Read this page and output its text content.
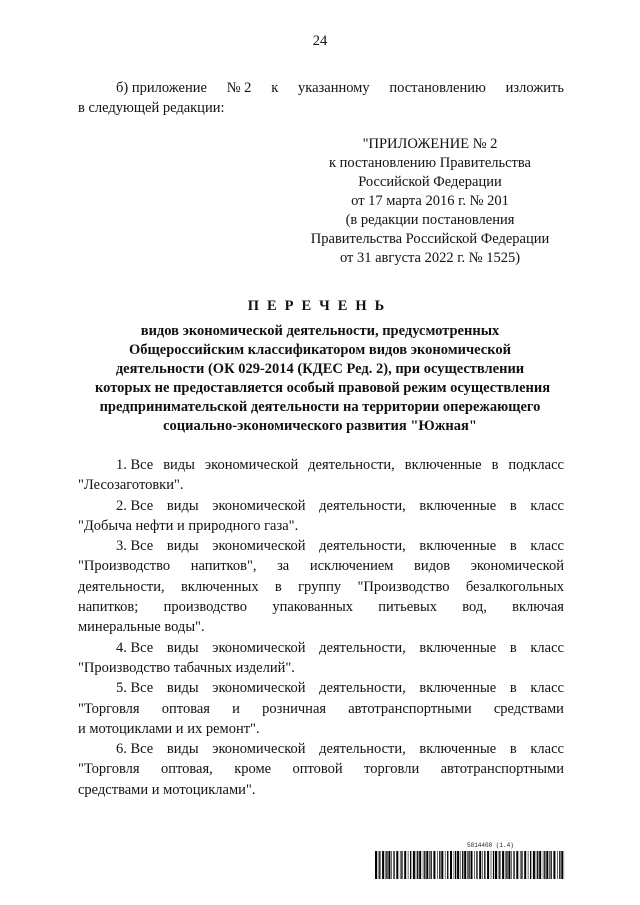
24
б) приложение № 2 к указанному постановлению изложить
в следующей редакции:
"ПРИЛОЖЕНИЕ № 2
к постановлению Правительства
Российской Федерации
от 17 марта 2016 г. № 201
(в редакции постановления
Правительства Российской Федерации
от 31 августа 2022 г. № 1525)
ПЕРЕЧЕНЬ
видов экономической деятельности, предусмотренных
Общероссийским классификатором видов экономической
деятельности (ОК 029-2014 (КДЕС Ред. 2), при осуществлении
которых не предоставляется особый правовой режим осуществления
предпринимательской деятельности на территории опережающего
социально-экономического развития "Южная"
1. Все виды экономической деятельности, включенные в подкласс
"Лесозаготовки".
2. Все виды экономической деятельности, включенные в класс
"Добыча нефти и природного газа".
3. Все виды экономической деятельности, включенные в класс
"Производство напитков", за исключением видов экономической
деятельности, включенных в группу "Производство безалкогольных
напитков; производство упакованных питьевых вод, включая
минеральные воды".
4. Все виды экономической деятельности, включенные в класс
"Производство табачных изделий".
5. Все виды экономической деятельности, включенные в класс
"Торговля оптовая и розничная автотранспортными средствами
и мотоциклами и их ремонт".
6. Все виды экономической деятельности, включенные в класс
"Торговля оптовая, кроме оптовой торговли автотранспортными
средствами и мотоциклами".
5814408 (1.4)
